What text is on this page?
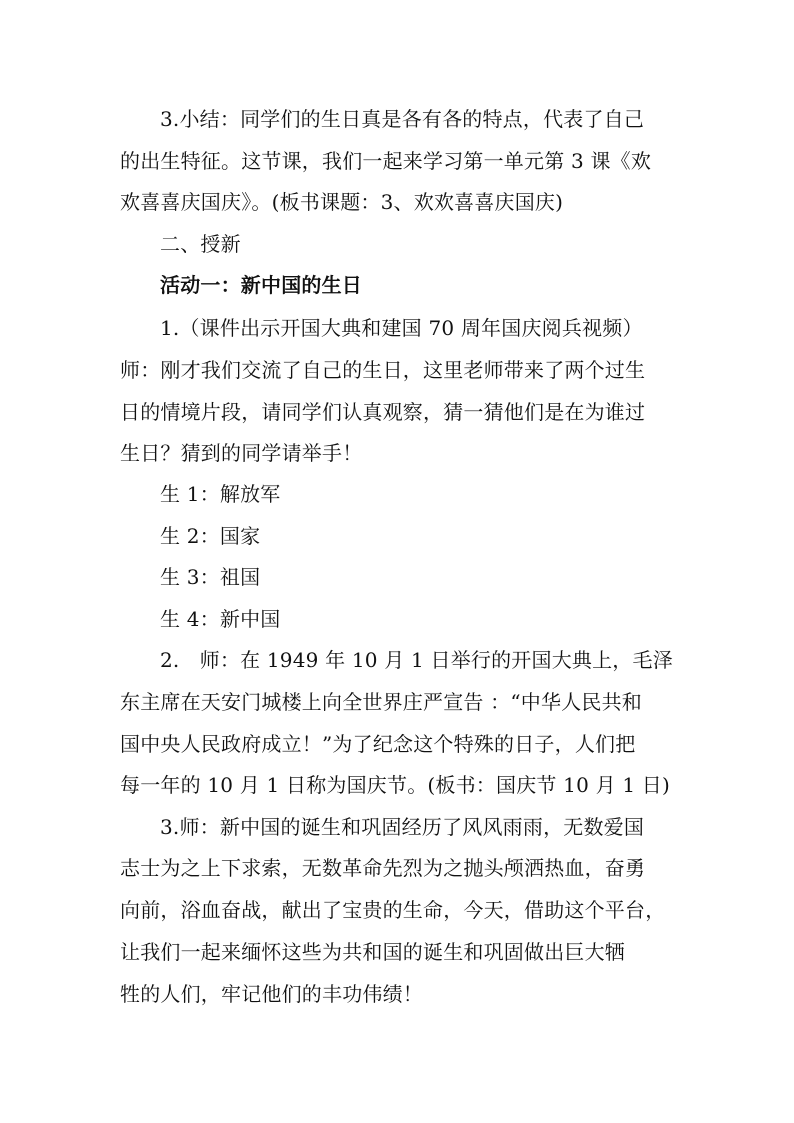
3.小结：同学们的生日真是各有各的特点，代表了自己
的出生特征。这节课，我们一起来学习第一单元第 3 课《欢
欢喜喜庆国庆》。(板书课题：3、欢欢喜喜庆国庆)
二、授新
活动一：新中国的生日
1.（课件出示开国大典和建国 70 周年国庆阅兵视频）
师：刚才我们交流了自己的生日，这里老师带来了两个过生
日的情境片段，请同学们认真观察，猜一猜他们是在为谁过
生日？猜到的同学请举手！
生 1：解放军
生 2：国家
生 3：祖国
生 4：新中国
2.　师：在 1949 年 10 月 1 日举行的开国大典上，毛泽
东主席在天安门城楼上向全世界庄严宣告 ：“中华人民共和
国中央人民政府成立！”为了纪念这个特殊的日子，人们把
每一年的 10 月 1 日称为国庆节。(板书：国庆节 10 月 1 日)
3.师：新中国的诞生和巩固经历了风风雨雨，无数爱国
志士为之上下求索，无数革命先烈为之抛头颅洒热血，奋勇
向前，浴血奋战，献出了宝贵的生命，今天，借助这个平台，
让我们一起来缅怀这些为共和国的诞生和巩固做出巨大牺
牲的人们，牢记他们的丰功伟绩！
